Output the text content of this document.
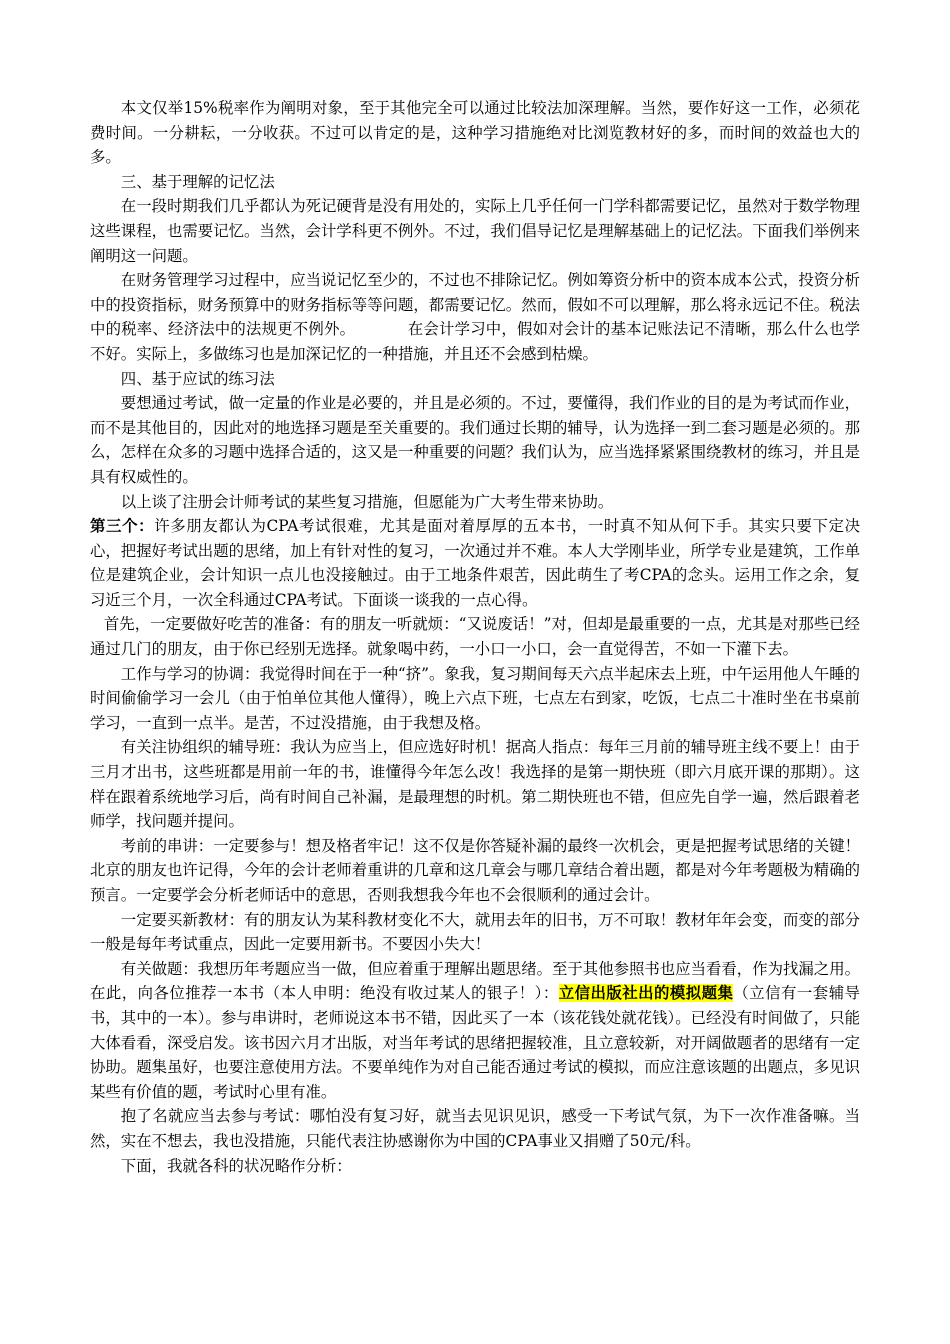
本文仅举15%税率作为阐明对象，至于其他完全可以通过比较法加深理解。当然，要作好这一工作，必须花费时间。一分耕耘，一分收获。不过可以肯定的是，这种学习措施绝对比浏览教材好的多，而时间的效益也大的多。

三、基于理解的记忆法

在一段时期我们几乎都认为死记硬背是没有用处的，实际上几乎任何一门学科都需要记忆，虽然对于数学物理这些课程，也需要记忆。当然，会计学科更不例外。不过，我们倡导记忆是理解基础上的记忆法。下面我们举例来阐明这一问题。

在财务管理学习过程中，应当说记忆至少的，不过也不排除记忆。例如筹资分析中的资本成本公式，投资分析中的投资指标，财务预算中的财务指标等等问题，都需要记忆。然而，假如不可以理解，那么将永远记不住。税法中的税率、经济法中的法规更不例外。	在会计学习中，假如对会计的基本记账法记不清晰，那么什么也学不好。实际上，多做练习也是加深记忆的一种措施，并且还不会感到枯燥。

四、基于应试的练习法

要想通过考试，做一定量的作业是必要的，并且是必须的。不过，要懂得，我们作业的目的是为考试而作业，而不是其他目的，因此对的地选择习题是至关重要的。我们通过长期的辅导，认为选择一到二套习题是必须的。那么，怎样在众多的习题中选择合适的，这又是一种重要的问题？我们认为，应当选择紧紧围绕教材的练习，并且是具有权威性的。

以上谈了注册会计师考试的某些复习措施，但愿能为广大考生带来协助。

第三个：许多朋友都认为CPA考试很难，尤其是面对着厚厚的五本书，一时真不知从何下手。其实只要下定决心，把握好考试出题的思绪，加上有针对性的复习，一次通过并不难。本人大学刚毕业，所学专业是建筑，工作单位是建筑企业，会计知识一点儿也没接触过。由于工地条件艰苦，因此萌生了考CPA的念头。运用工作之余，复习近三个月，一次全科通过CPA考试。下面谈一谈我的一点心得。

首先，一定要做好吃苦的准备：有的朋友一听就烦：“又说废话！”对，但却是最重要的一点，尤其是对那些已经通过几门的朋友，由于你已经别无选择。就象喝中药，一小口一小口，会一直觉得苦，不如一下灌下去。

工作与学习的协调：我觉得时间在于一种“挤”。象我，复习期间每天六点半起床去上班，中午运用他人午睡的时间偷偷学习一会儿（由于怕单位其他人懂得），晚上六点下班，七点左右到家，吃饭，七点二十准时坐在书桌前学习，一直到一点半。是苦，不过没措施，由于我想及格。

有关注协组织的辅导班：我认为应当上，但应选好时机！据高人指点：每年三月前的辅导班主线不要上！由于三月才出书，这些班都是用前一年的书，谁懂得今年怎么改！我选择的是第一期快班（即六月底开课的那期）。这样在跟着系统地学习后，尚有时间自己补漏，是最理想的时机。第二期快班也不错，但应先自学一遍，然后跟着老师学，找问题并提问。

考前的串讲：一定要参与！想及格者牢记！这不仅是你答疑补漏的最终一次机会，更是把握考试思绪的关键！北京的朋友也许记得，今年的会计老师着重讲的几章和这几章会与哪几章结合着出题，都是对今年考题极为精确的预言。一定要学会分析老师话中的意思，否则我想我今年也不会很顺利的通过会计。

一定要买新教材：有的朋友认为某科教材变化不大，就用去年的旧书，万不可取！教材年年会变，而变的部分一般是每年考试重点，因此一定要用新书。不要因小失大！

有关做题：我想历年考题应当一做，但应着重于理解出题思绪。至于其他参照书也应当看看，作为找漏之用。在此，向各位推荐一本书（本人申明：绝没有收过某人的银子！）：立信出版社出的模拟题集（立信有一套辅导书，其中的一本）。参与串讲时，老师说这本书不错，因此买了一本（该花钱处就花钱）。已经没有时间做了，只能大体看看，深受启发。该书因六月才出版，对当年考试的思绪把握较准，且立意较新，对开阔做题者的思绪有一定协助。题集虽好，也要注意使用方法。不要单纯作为对自己能否通过考试的模拟，而应注意该题的出题点，多见识某些有价值的题，考试时心里有准。

抱了名就应当去参与考试：哪怕没有复习好，就当去见识见识，感受一下考试气氛，为下一次作准备嘛。当然，实在不想去，我也没措施，只能代表注协感谢你为中国的CPA事业又捐赠了50元/科。

下面，我就各科的状况略作分析：
